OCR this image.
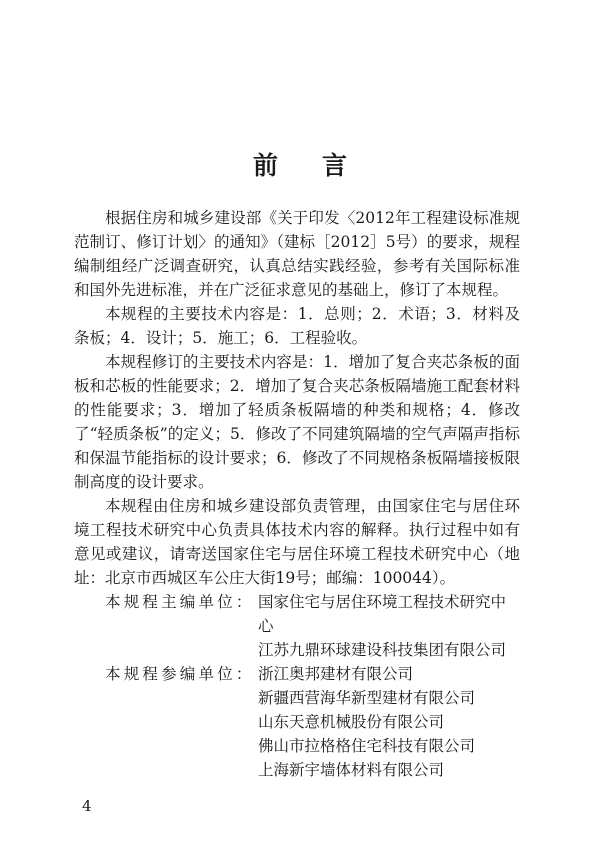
前言

根据住房和城乡建设部《关于印发〈2012年工程建设标准规范制订、修订计划〉的通知》（建标［2012］5号）的要求，规程编制组经广泛调查研究，认真总结实践经验，参考有关国际标准和国外先进标准，并在广泛征求意见的基础上，修订了本规程。

本规程的主要技术内容是：1．总则；2．术语；3．材料及条板；4．设计；5．施工；6．工程验收。

本规程修订的主要技术内容是：1．增加了复合夹芯条板的面板和芯板的性能要求；2．增加了复合夹芯条板隔墙施工配套材料的性能要求；3．增加了轻质条板隔墙的种类和规格；4．修改了“轻质条板”的定义；5．修改了不同建筑隔墙的空气声隔声指标和保温节能指标的设计要求；6．修改了不同规格条板隔墙接板限制高度的设计要求。

本规程由住房和城乡建设部负责管理，由国家住宅与居住环境工程技术研究中心负责具体技术内容的解释。执行过程中如有意见或建议，请寄送国家住宅与居住环境工程技术研究中心（地址：北京市西城区车公庄大街19号；邮编：100044）。

本规程主编单位： 国家住宅与居住环境工程技术研究中心
江苏九鼎环球建设科技集团有限公司
本规程参编单位： 浙江奥邦建材有限公司
新疆西营海华新型建材有限公司
山东天意机械股份有限公司
佛山市拉格格住宅科技有限公司
上海新宇墙体材料有限公司
4
